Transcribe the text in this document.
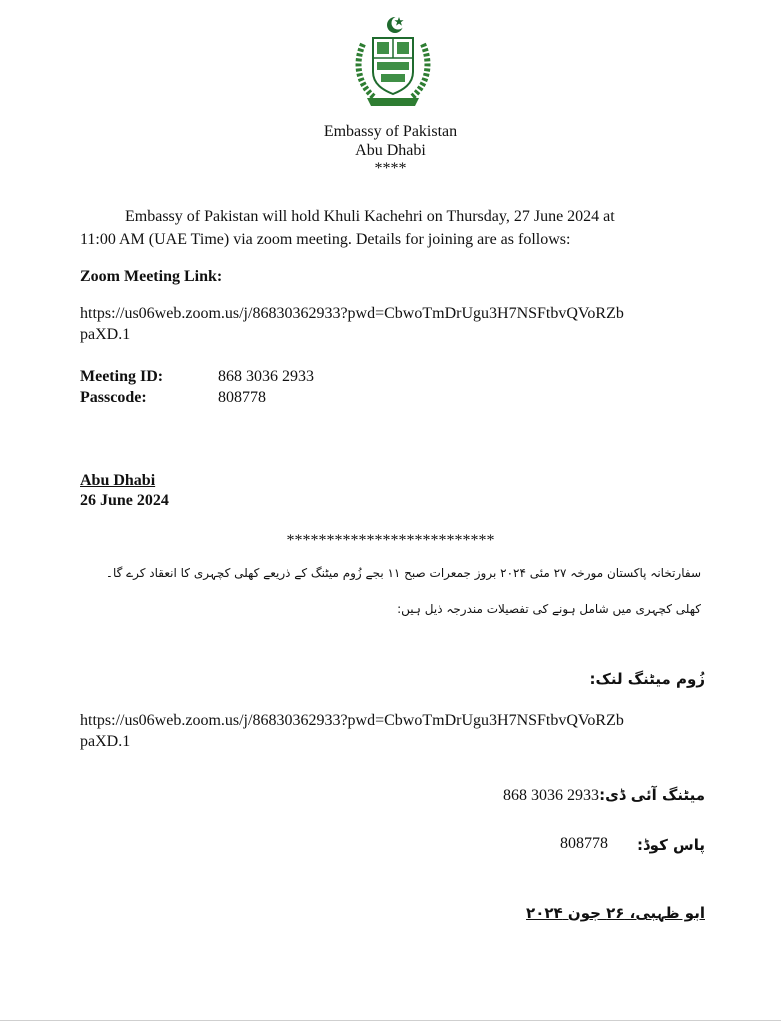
Embassy of Pakistan
Abu Dhabi
****
Embassy of Pakistan will hold Khuli Kachehri on Thursday, 27 June 2024 at
11:00 AM (UAE Time) via zoom meeting. Details for joining are as follows:
Zoom Meeting Link:
https://us06web.zoom.us/j/86830362933?pwd=CbwoTmDrUgu3H7NSFtbvQVoRZb
paXD.1
Meeting ID:	868 3036 2933
Passcode:	808778
Abu Dhabi
26 June 2024
**************************
سفارتخانہ پاکستان مورخہ ۲۷ مئی ۲۰۲۴ بروز جمعرات صبح ۱۱ بجے زُوم میٹنگ کے ذریعے کھلی کچہری کا انعقاد کرے گا۔
کھلی کچہری میں شامل ہونے کی تفصیلات مندرجہ ذیل ہیں:
زُوم میٹنگ لنک:
https://us06web.zoom.us/j/86830362933?pwd=CbwoTmDrUgu3H7NSFtbvQVoRZb
paXD.1
میٹنگ آئی ڈی:
868 3036 2933
پاس کوڈ:
808778
ابو ظہبی، ۲۶ جون ۲۰۲۴
